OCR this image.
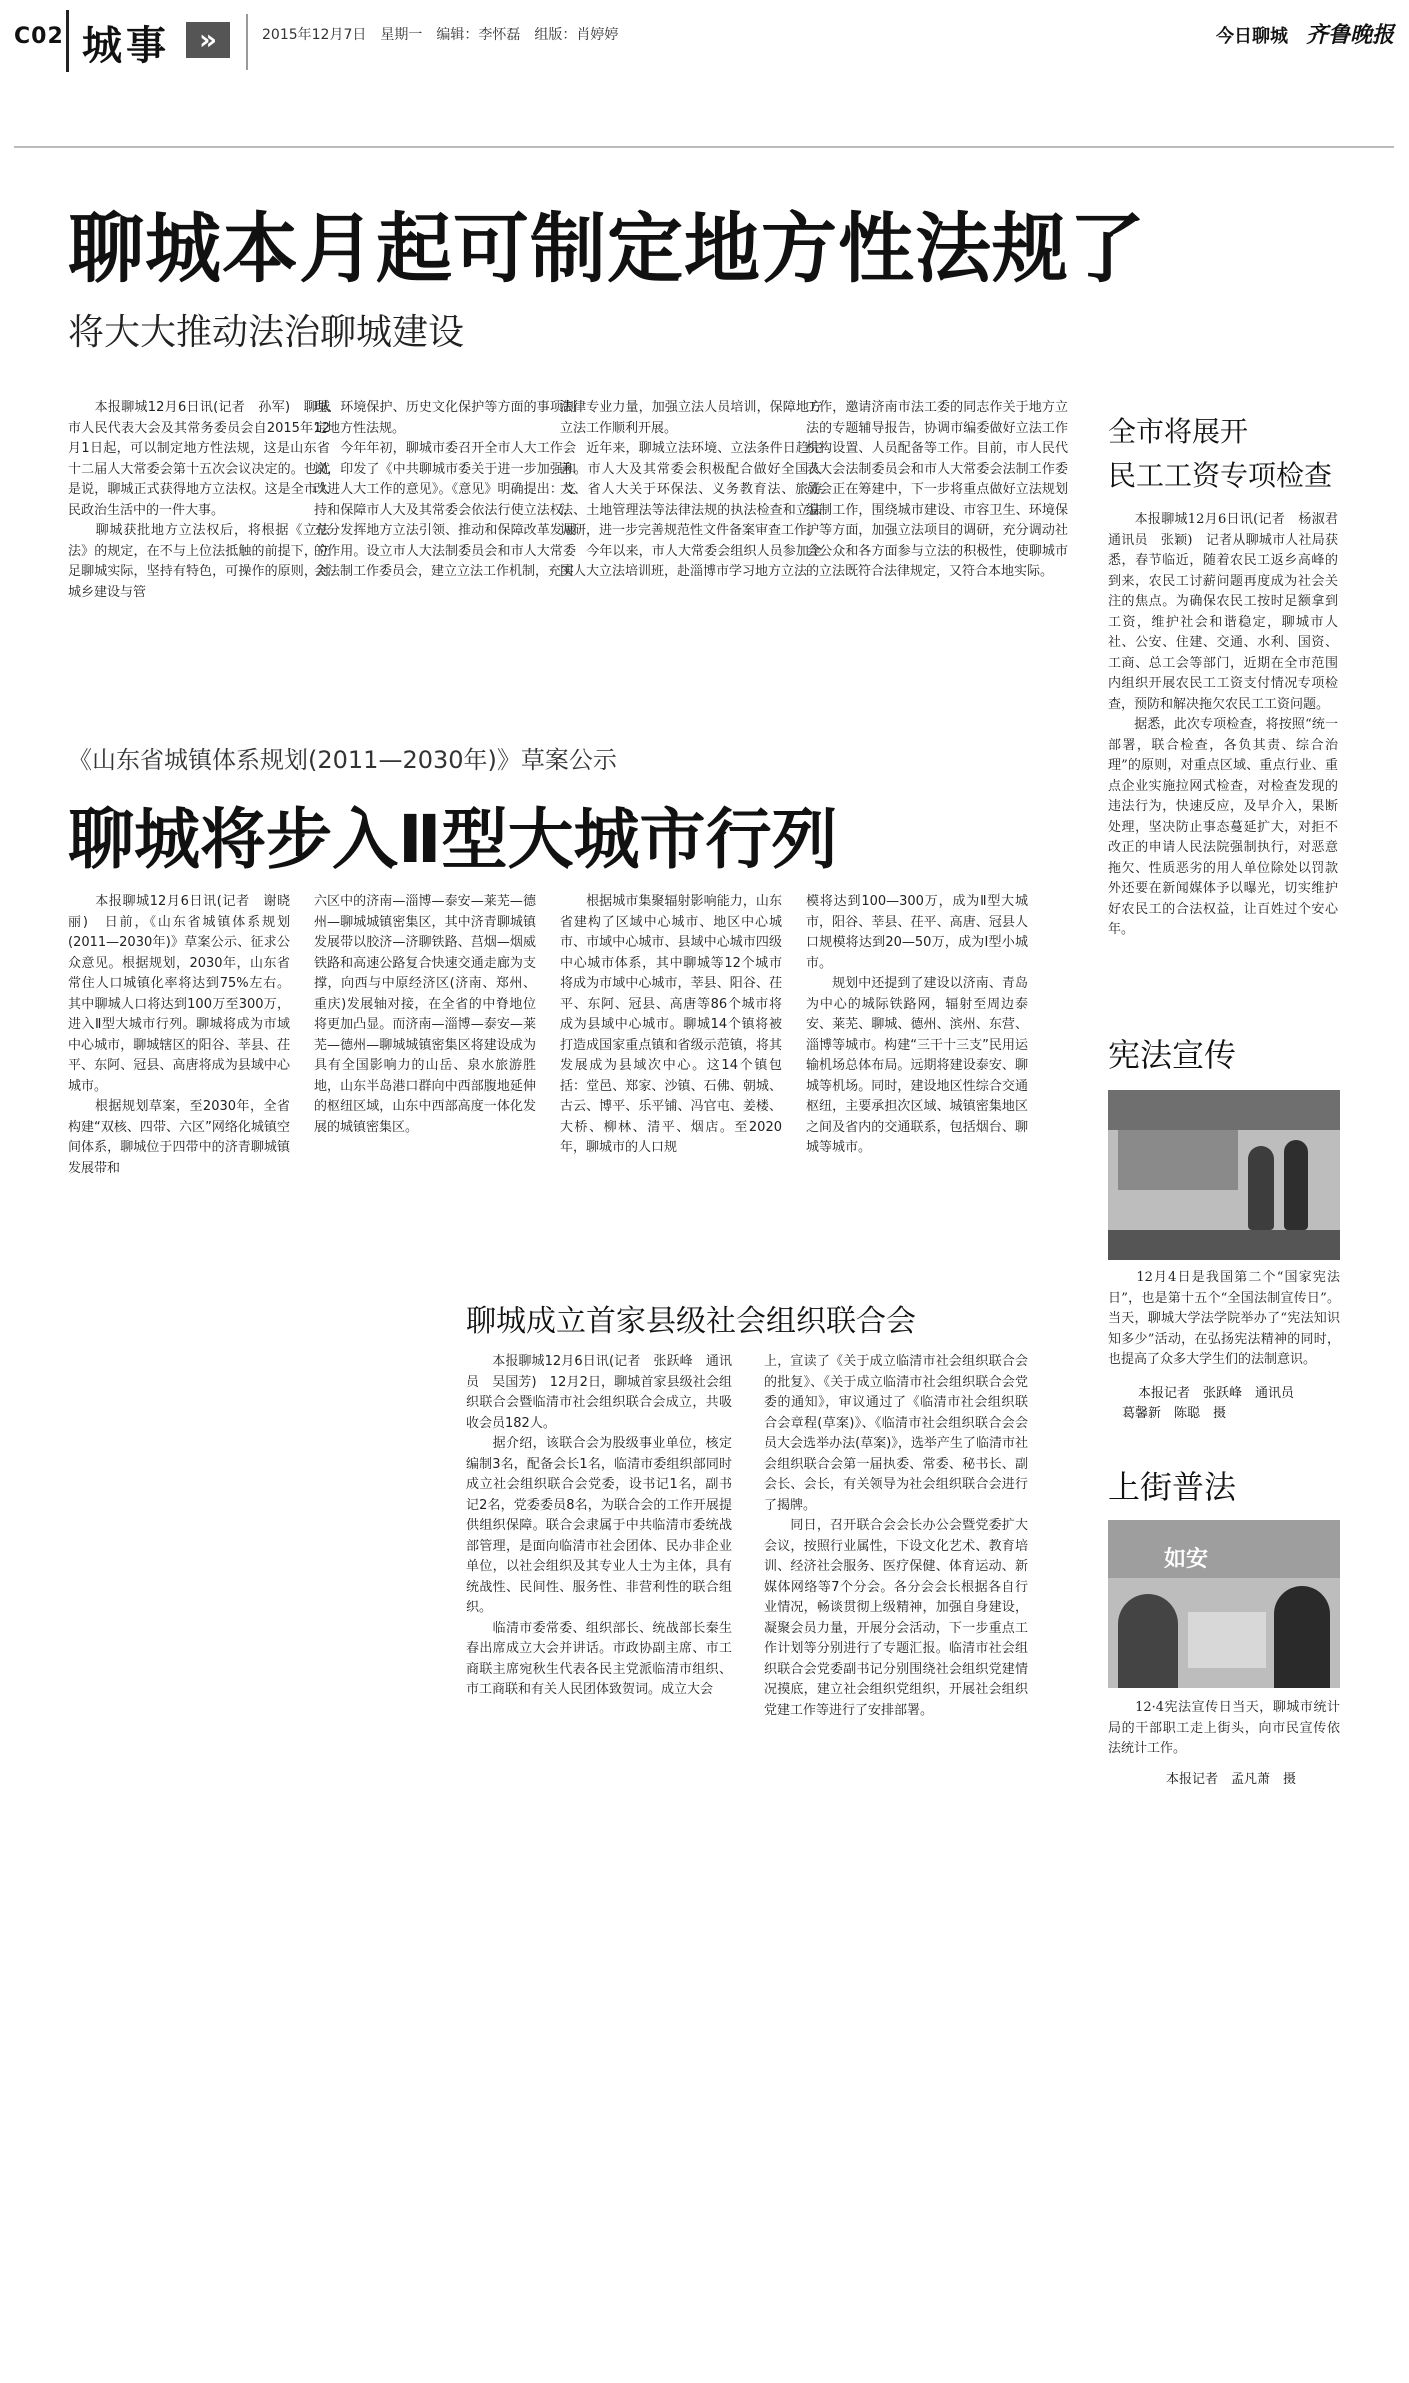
C02 城事	»	2015年12月7日　星期一　编辑：李怀磊　组版：肖婷婷	今日聊城 齐鲁晚报
聊城本月起可制定地方性法规了
将大大推动法治聊城建设
　　本报聊城12月6日讯(记者　孙军)　聊城市人民代表大会及其常务委员会自2015年12月1日起，可以制定地方性法规，这是山东省十二届人大常委会第十五次会议决定的。也就是说，聊城正式获得地方立法权。这是全市人民政治生活中的一件大事。
　　聊城获批地方立法权后，将根据《立法法》的规定，在不与上位法抵触的前提下，立足聊城实际，坚持有特色，可操作的原则，对城乡建设与管
理、环境保护、历史文化保护等方面的事项制定地方性法规。
　　今年年初，聊城市委召开全市人大工作会议，印发了《中共聊城市委关于进一步加强和改进人大工作的意见》。《意见》明确提出：支持和保障市人大及其常委会依法行使立法权，充分发挥地方立法引领、推动和保障改革发展的作用。设立市人大法制委员会和市人大常委会法制工作委员会，建立立法工作机制，充实
法律专业力量，加强立法人员培训，保障地方立法工作顺利开展。
　　近年来，聊城立法环境、立法条件日趋完善。市人大及其常委会积极配合做好全国人大、省人大关于环保法、义务教育法、旅游法、土地管理法等法律法规的执法检查和立法调研，进一步完善规范性文件备案审查工作。
　　今年以来，市人大常委会组织人员参加全国人大立法培训班，赴淄博市学习地方立法
工作，邀请济南市法工委的同志作关于地方立法的专题辅导报告，协调市编委做好立法工作机构设置、人员配备等工作。目前，市人民代表大会法制委员会和市人大常委会法制工作委员会正在筹建中，下一步将重点做好立法规划编制工作，围绕城市建设、市容卫生、环境保护等方面，加强立法项目的调研，充分调动社会公众和各方面参与立法的积极性，使聊城市的立法既符合法律规定，又符合本地实际。
全市将展开
民工工资专项检查
　　本报聊城12月6日讯(记者　杨淑君　通讯员　张颖)　记者从聊城市人社局获悉，春节临近，随着农民工返乡高峰的到来，农民工讨薪问题再度成为社会关注的焦点。为确保农民工按时足额拿到工资，维护社会和谐稳定，聊城市人社、公安、住建、交通、水利、国资、工商、总工会等部门，近期在全市范围内组织开展农民工工资支付情况专项检查，预防和解决拖欠农民工工资问题。
　　据悉，此次专项检查，将按照“统一部署，联合检查，各负其责、综合治理”的原则，对重点区域、重点行业、重点企业实施拉网式检查，对检查发现的违法行为，快速反应，及早介入，果断处理，坚决防止事态蔓延扩大，对拒不改正的申请人民法院强制执行，对恶意拖欠、性质恶劣的用人单位除处以罚款外还要在新闻媒体予以曝光，切实维护好农民工的合法权益，让百姓过个安心年。
《山东省城镇体系规划(2011—2030年)》草案公示
聊城将步入Ⅱ型大城市行列
　　本报聊城12月6日讯(记者　谢晓丽)　日前，《山东省城镇体系规划(2011—2030年)》草案公示、征求公众意见。根据规划，2030年，山东省常住人口城镇化率将达到75%左右。其中聊城人口将达到100万至300万，进入Ⅱ型大城市行列。聊城将成为市域中心城市，聊城辖区的阳谷、莘县、茌平、东阿、冠县、高唐将成为县域中心城市。
　　根据规划草案，至2030年，全省构建“双核、四带、六区”网络化城镇空间体系，聊城位于四带中的济青聊城镇发展带和
六区中的济南—淄博—泰安—莱芜—德州—聊城城镇密集区，其中济青聊城镇发展带以胶济—济聊铁路、莒烟—烟威铁路和高速公路复合快速交通走廊为支撑，向西与中原经济区(济南、郑州、重庆)发展轴对接，在全省的中脊地位将更加凸显。而济南—淄博—泰安—莱芜—德州—聊城城镇密集区将建设成为具有全国影响力的山岳、泉水旅游胜地，山东半岛港口群向中西部腹地延伸的枢纽区域，山东中西部高度一体化发展的城镇密集区。
　　根据城市集聚辐射影响能力，山东省建构了区域中心城市、地区中心城市、市域中心城市、县域中心城市四级中心城市体系，其中聊城等12个城市将成为市域中心城市，莘县、阳谷、茌平、东阿、冠县、高唐等86个城市将成为县域中心城市。聊城14个镇将被打造成国家重点镇和省级示范镇，将其发展成为县域次中心。这14个镇包括：堂邑、郑家、沙镇、石佛、朝城、古云、博平、乐平铺、冯官屯、姜楼、大桥、柳林、清平、烟店。至2020年，聊城市的人口规
模将达到100—300万，成为Ⅱ型大城市，阳谷、莘县、茌平、高唐、冠县人口规模将达到20—50万，成为Ⅰ型小城市。
　　规划中还提到了建设以济南、青岛为中心的城际铁路网，辐射至周边泰安、莱芜、聊城、德州、滨州、东营、淄博等城市。构建“三干十三支”民用运输机场总体布局。远期将建设泰安、聊城等机场。同时，建设地区性综合交通枢纽，主要承担次区域、城镇密集地区之间及省内的交通联系，包括烟台、聊城等城市。
宪法宣传
　　12月4日是我国第二个“国家宪法日”，也是第十五个“全国法制宣传日”。当天，聊城大学法学院举办了“宪法知识知多少”活动，在弘扬宪法精神的同时，也提高了众多大学生们的法制意识。
本报记者　张跃峰　通讯员
葛馨新　陈聪　摄
聊城成立首家县级社会组织联合会
　　本报聊城12月6日讯(记者　张跃峰　通讯员　吴国芳)　12月2日，聊城首家县级社会组织联合会暨临清市社会组织联合会成立，共吸收会员182人。
　　据介绍，该联合会为股级事业单位，核定编制3名，配备会长1名，临清市委组织部同时成立社会组织联合会党委，设书记1名，副书记2名，党委委员8名，为联合会的工作开展提供组织保障。联合会隶属于中共临清市委统战部管理，是面向临清市社会团体、民办非企业单位，以社会组织及其专业人士为主体，具有统战性、民间性、服务性、非营利性的联合组织。
　　临清市委常委、组织部长、统战部长秦生春出席成立大会并讲话。市政协副主席、市工商联主席宛秋生代表各民主党派临清市组织、市工商联和有关人民团体致贺词。成立大会
上，宣读了《关于成立临清市社会组织联合会的批复》、《关于成立临清市社会组织联合会党委的通知》，审议通过了《临清市社会组织联合会章程(草案)》、《临清市社会组织联合会会员大会选举办法(草案)》，选举产生了临清市社会组织联合会第一届执委、常委、秘书长、副会长、会长，有关领导为社会组织联合会进行了揭牌。
　　同日，召开联合会会长办公会暨党委扩大会议，按照行业属性，下设文化艺术、教育培训、经济社会服务、医疗保健、体育运动、新媒体网络等7个分会。各分会会长根据各自行业情况，畅谈贯彻上级精神，加强自身建设，凝聚会员力量，开展分会活动，下一步重点工作计划等分别进行了专题汇报。临清市社会组织联合会党委副书记分别围绕社会组织党建情况摸底，建立社会组织党组织，开展社会组织党建工作等进行了安排部署。
上街普法
如安
　　12·4宪法宣传日当天，聊城市统计局的干部职工走上街头，向市民宣传依法统计工作。
本报记者　孟凡萧　摄
